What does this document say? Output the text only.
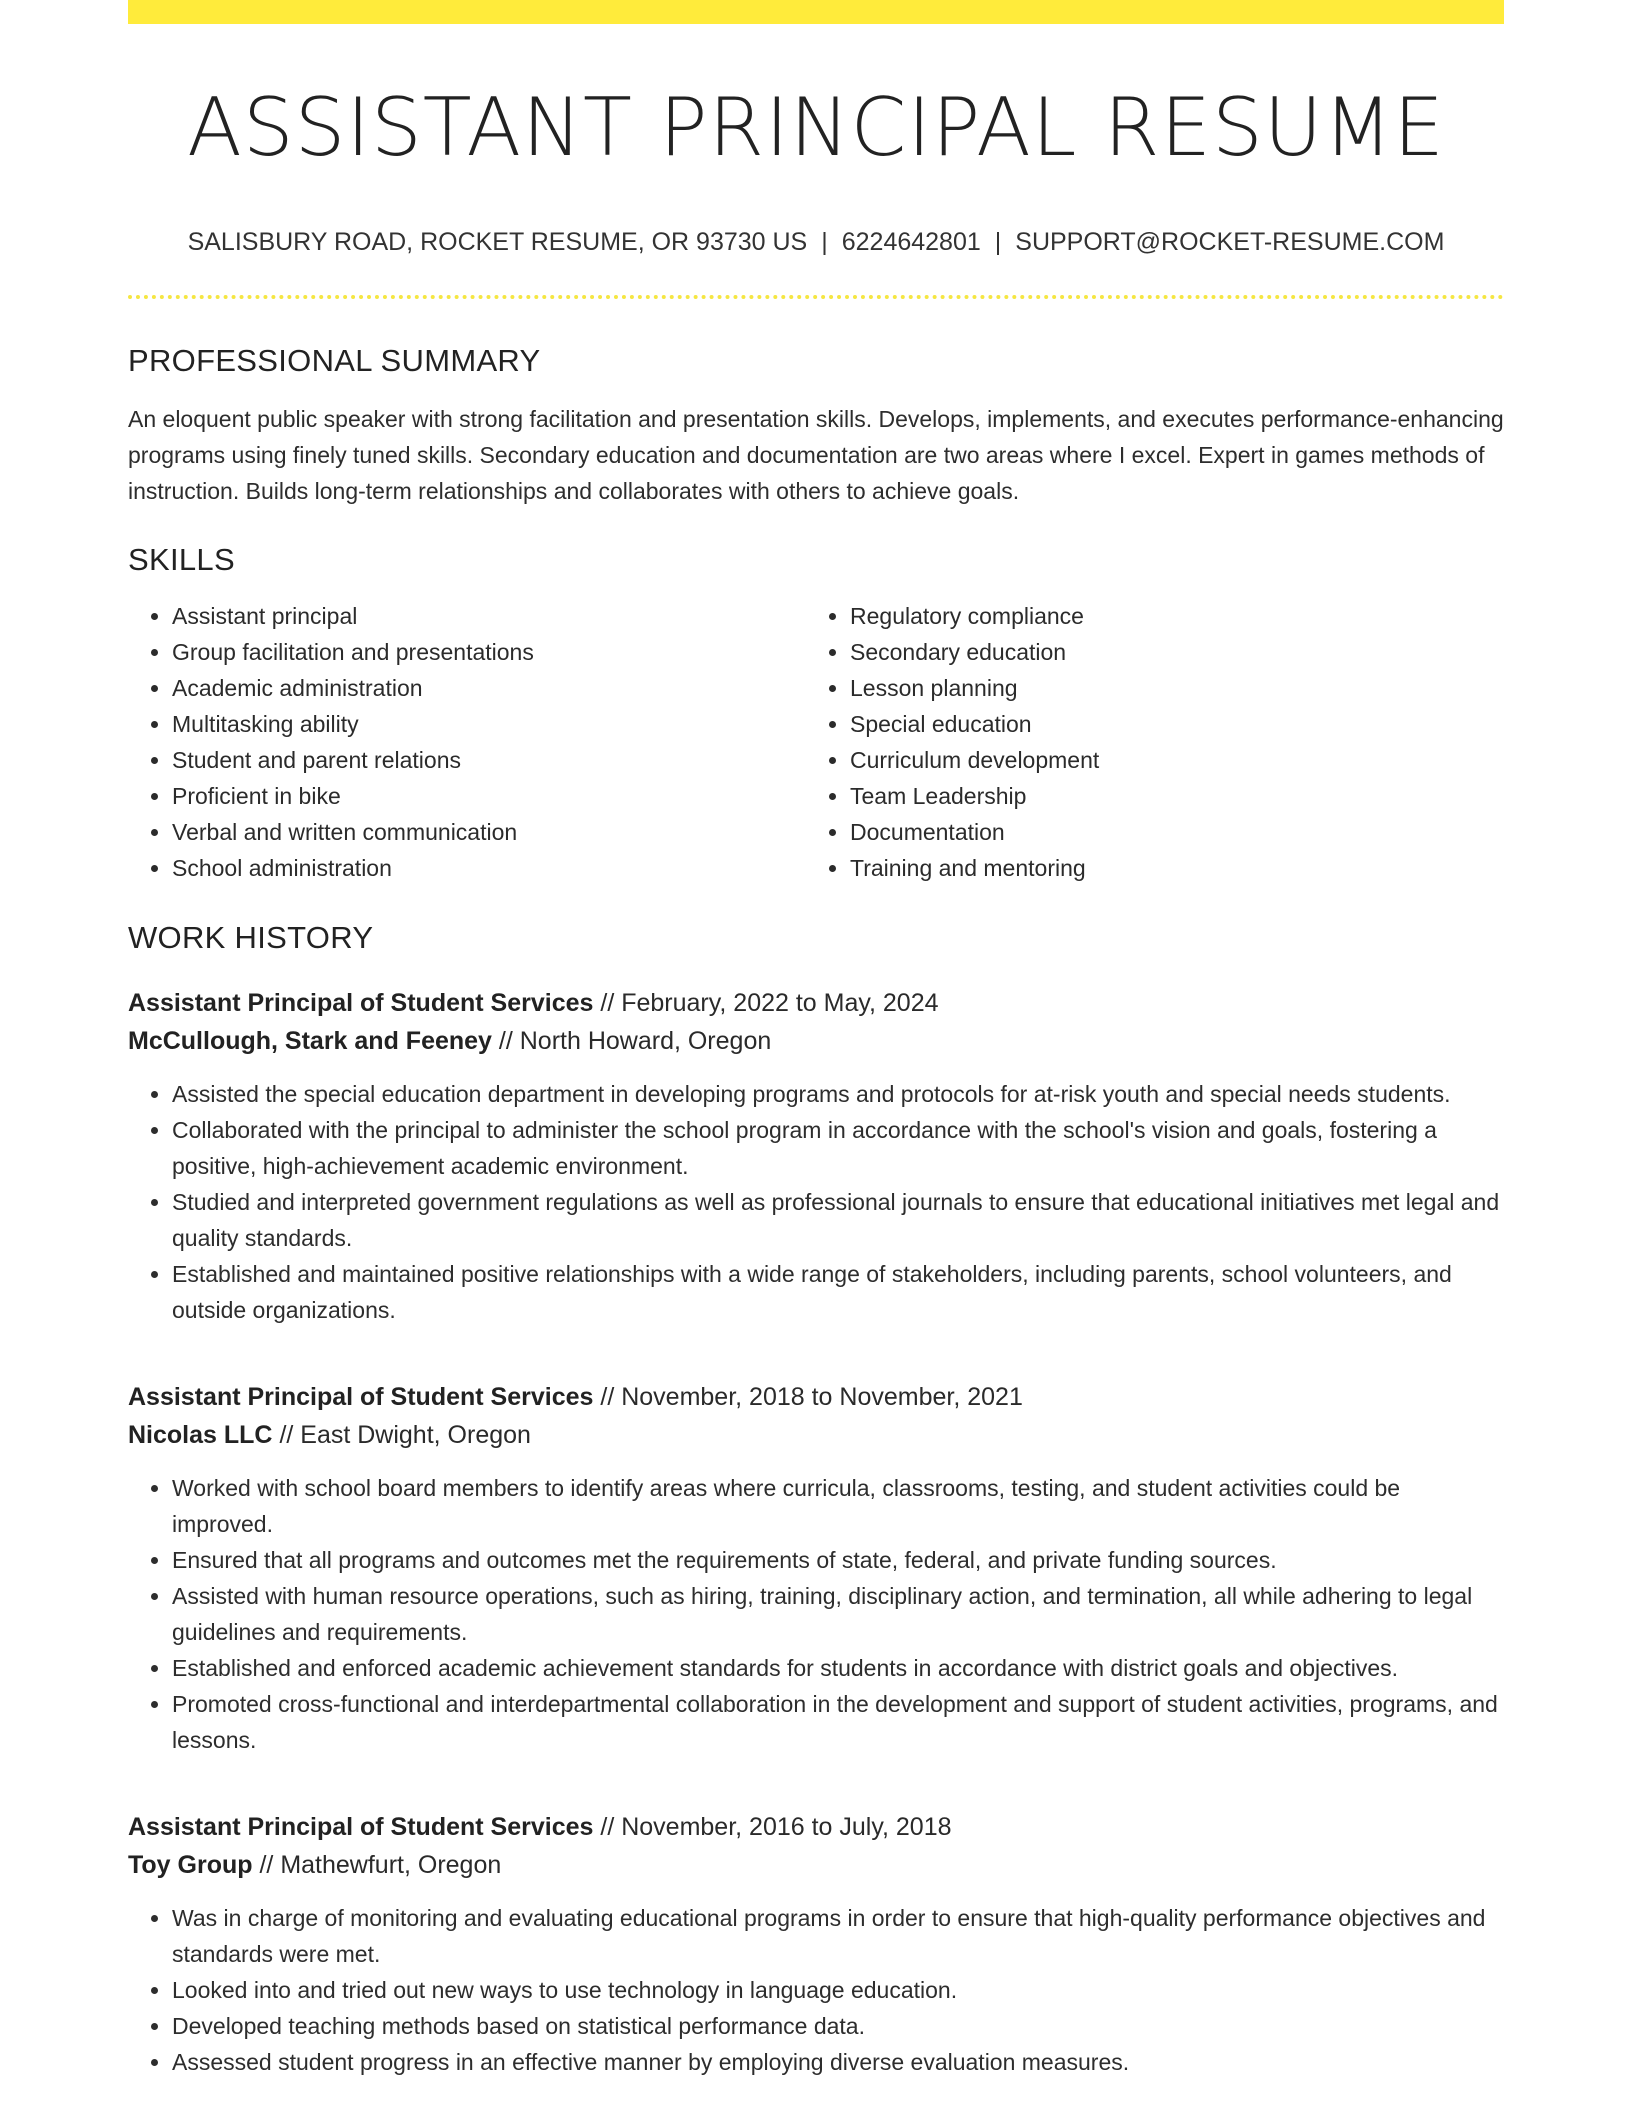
ASSISTANT PRINCIPAL RESUME
SALISBURY ROAD, ROCKET RESUME, OR 93730 US | 6224642801 | SUPPORT@ROCKET-RESUME.COM
PROFESSIONAL SUMMARY

An eloquent public speaker with strong facilitation and presentation skills. Develops, implements, and executes performance-enhancing programs using finely tuned skills. Secondary education and documentation are two areas where I excel. Expert in games methods of instruction. Builds long-term relationships and collaborates with others to achieve goals.

SKILLS
• Assistant principal
• Group facilitation and presentations
• Academic administration
• Multitasking ability
• Student and parent relations
• Proficient in bike
• Verbal and written communication
• School administration
• Regulatory compliance
• Secondary education
• Lesson planning
• Special education
• Curriculum development
• Team Leadership
• Documentation
• Training and mentoring
WORK HISTORY
Assistant Principal of Student Services // February, 2022 to May, 2024
McCullough, Stark and Feeney // North Howard, Oregon
• Assisted the special education department in developing programs and protocols for at-risk youth and special needs students.
• Collaborated with the principal to administer the school program in accordance with the school's vision and goals, fostering a positive, high-achievement academic environment.
• Studied and interpreted government regulations as well as professional journals to ensure that educational initiatives met legal and quality standards.
• Established and maintained positive relationships with a wide range of stakeholders, including parents, school volunteers, and outside organizations.
Assistant Principal of Student Services // November, 2018 to November, 2021
Nicolas LLC // East Dwight, Oregon
• Worked with school board members to identify areas where curricula, classrooms, testing, and student activities could be improved.
• Ensured that all programs and outcomes met the requirements of state, federal, and private funding sources.
• Assisted with human resource operations, such as hiring, training, disciplinary action, and termination, all while adhering to legal guidelines and requirements.
• Established and enforced academic achievement standards for students in accordance with district goals and objectives.
• Promoted cross-functional and interdepartmental collaboration in the development and support of student activities, programs, and lessons.
Assistant Principal of Student Services // November, 2016 to July, 2018
Toy Group // Mathewfurt, Oregon
• Was in charge of monitoring and evaluating educational programs in order to ensure that high-quality performance objectives and standards were met.
• Looked into and tried out new ways to use technology in language education.
• Developed teaching methods based on statistical performance data.
• Assessed student progress in an effective manner by employing diverse evaluation measures.
